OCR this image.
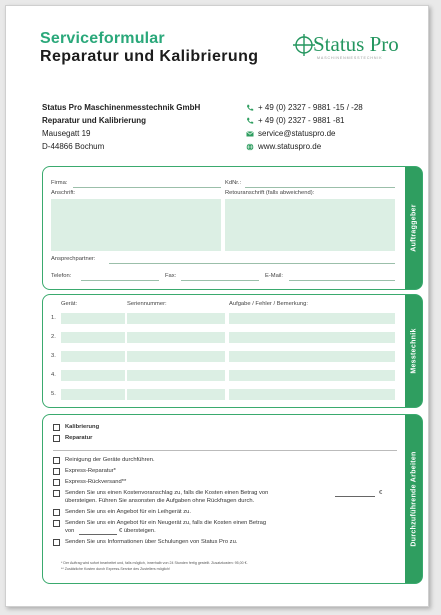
Serviceformular
Reparatur und Kalibrierung
Status Pro
MASCHINENMESSTECHNIK
Status Pro Maschinenmesstechnik GmbH
Reparatur und Kalibrierung
Mausegatt 19
D-44866 Bochum
+ 49 (0) 2327 - 9881 -15 / -28
+ 49 (0) 2327 - 9881 -81
service@statuspro.de
www.statuspro.de
Auftraggeber
Firma:	KdNr.:
Anschrift:	Retouranschrift (falls abweichend):
Ansprechpartner:
Telefon:	Fax:	E-Mail:
Messtechnik
Gerät:	Seriennummer:	Aufgabe / Fehler / Bemerkung:
1.
2.
3.
4.
5.
Durchzuführende Arbeiten
Kalibrierung
Reparatur
Reinigung der Geräte durchführen.
Express-Reparatur*
Express-Rückversand**
Senden Sie uns einen Kostenvoranschlag zu, falls die Kosten einen Betrag von	€
übersteigen. Führen Sie ansonsten die Aufgaben ohne Rückfragen durch.
Senden Sie uns ein Angebot für ein Leihgerät zu.
Senden Sie uns ein Angebot für ein Neugerät zu, falls die Kosten einen Betrag
von	€ übersteigen.
Senden Sie uns Informationen über Schulungen von Status Pro zu.
* Der Auftrag wird sofort bearbeitet und, falls möglich, innerhalb von 24 Stunden fertig gestellt. Zusatzkosten: 95,00 €.
** Zusätzliche Kosten durch Express-Service des Zustellers möglich!
